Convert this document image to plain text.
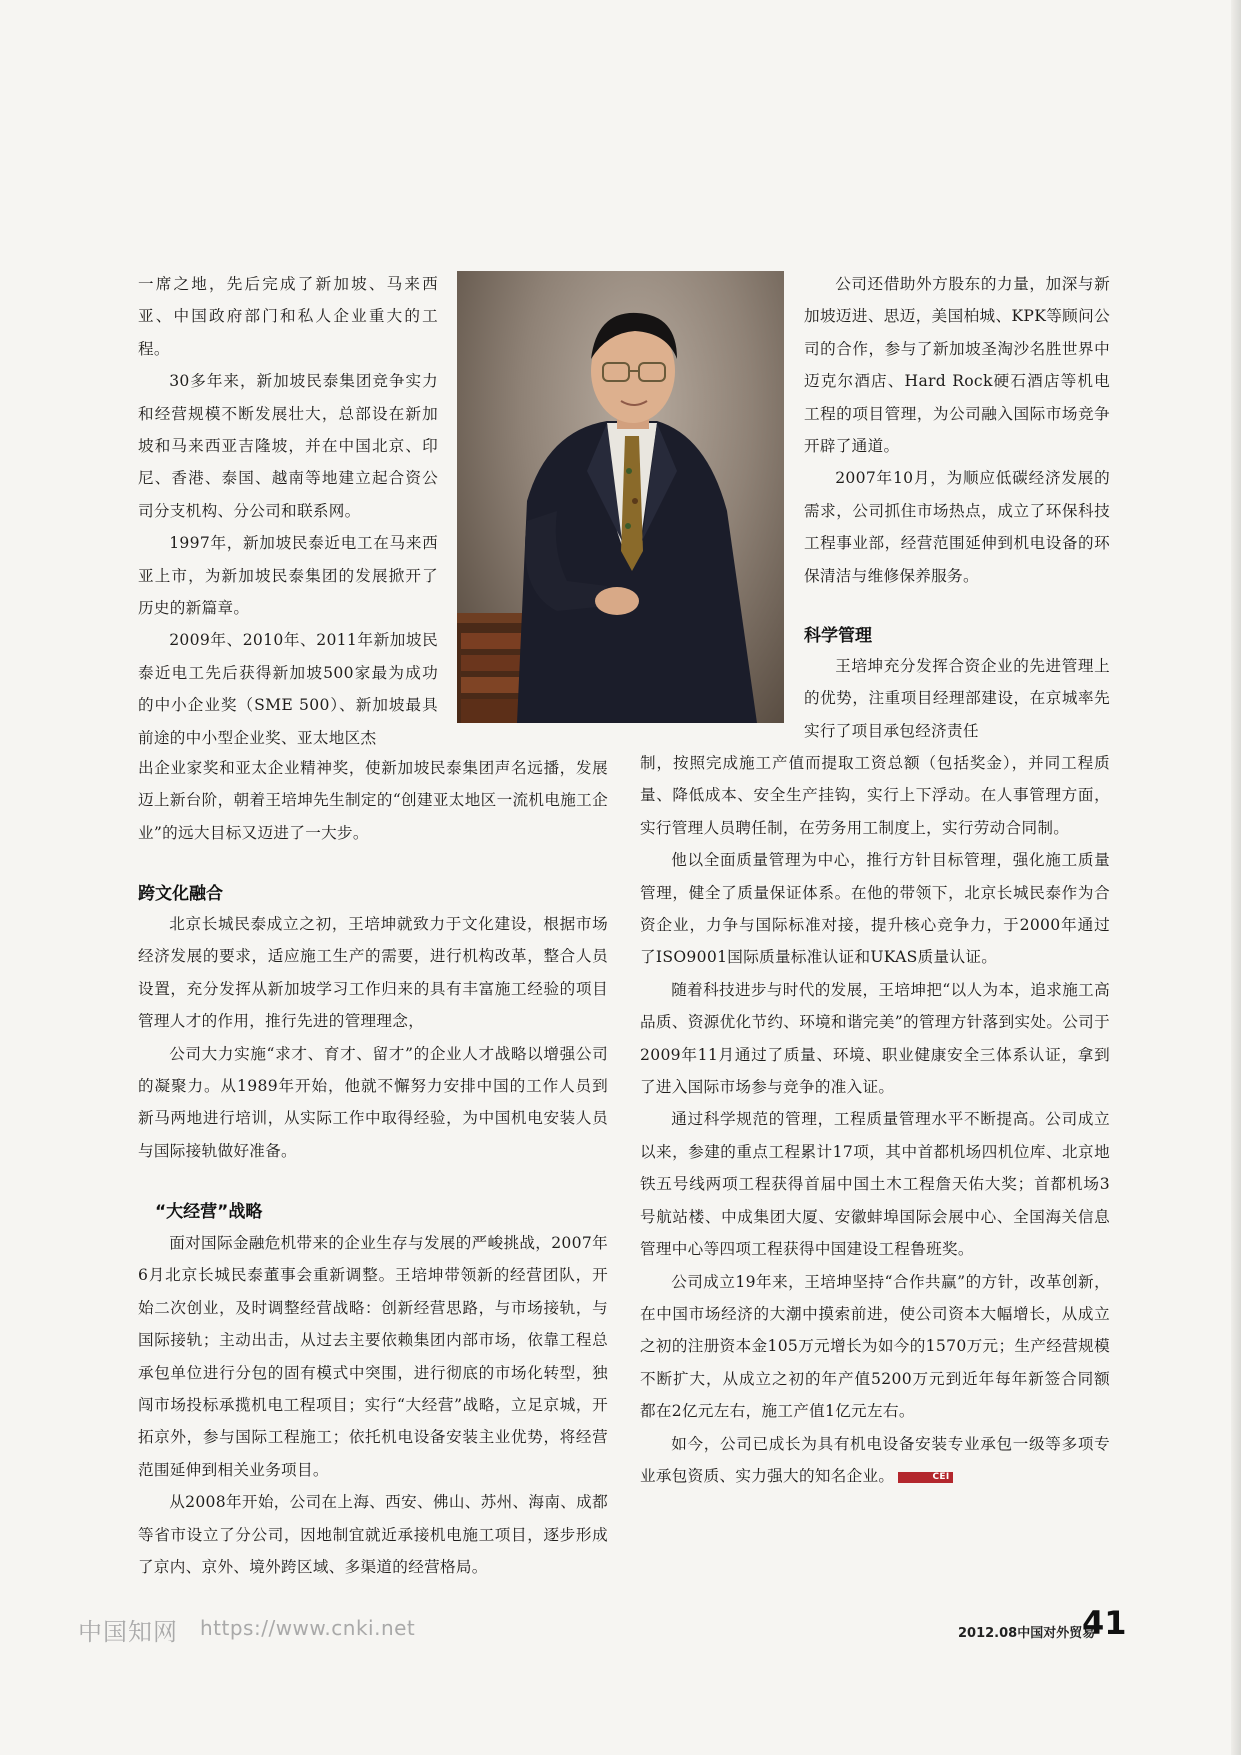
一席之地，先后完成了新加坡、马来西亚、中国政府部门和私人企业重大的工程。

30多年来，新加坡民泰集团竞争实力和经营规模不断发展壮大，总部设在新加坡和马来西亚吉隆坡，并在中国北京、印尼、香港、泰国、越南等地建立起合资公司分支机构、分公司和联系网。

1997年，新加坡民泰近电工在马来西亚上市，为新加坡民泰集团的发展掀开了历史的新篇章。

2009年、2010年、2011年新加坡民泰近电工先后获得新加坡500家最为成功的中小企业奖（SME 500）、新加坡最具前途的中小型企业奖、亚太地区杰

出企业家奖和亚太企业精神奖，使新加坡民泰集团声名远播，发展迈上新台阶，朝着王培坤先生制定的“创建亚太地区一流机电施工企业”的远大目标又迈进了一大步。

跨文化融合

北京长城民泰成立之初，王培坤就致力于文化建设，根据市场经济发展的要求，适应施工生产的需要，进行机构改革，整合人员设置，充分发挥从新加坡学习工作归来的具有丰富施工经验的项目管理人才的作用，推行先进的管理理念，

公司大力实施“求才、育才、留才”的企业人才战略以增强公司的凝聚力。从1989年开始，他就不懈努力安排中国的工作人员到新马两地进行培训，从实际工作中取得经验，为中国机电安装人员与国际接轨做好准备。

“大经营”战略

面对国际金融危机带来的企业生存与发展的严峻挑战，2007年6月北京长城民泰董事会重新调整。王培坤带领新的经营团队，开始二次创业，及时调整经营战略：创新经营思路，与市场接轨，与国际接轨；主动出击，从过去主要依赖集团内部市场，依靠工程总承包单位进行分包的固有模式中突围，进行彻底的市场化转型，独闯市场投标承揽机电工程项目；实行“大经营”战略，立足京城，开拓京外，参与国际工程施工；依托机电设备安装主业优势，将经营范围延伸到相关业务项目。

从2008年开始，公司在上海、西安、佛山、苏州、海南、成都等省市设立了分公司，因地制宜就近承接机电施工项目，逐步形成了京内、京外、境外跨区域、多渠道的经营格局。

公司还借助外方股东的力量，加深与新加坡迈进、思迈，美国柏城、KPK等顾问公司的合作，参与了新加坡圣淘沙名胜世界中迈克尔酒店、Hard Rock硬石酒店等机电工程的项目管理，为公司融入国际市场竞争开辟了通道。

2007年10月，为顺应低碳经济发展的需求，公司抓住市场热点，成立了环保科技工程事业部，经营范围延伸到机电设备的环保清洁与维修保养服务。

科学管理

王培坤充分发挥合资企业的先进管理上的优势，注重项目经理部建设，在京城率先实行了项目承包经济责任

制，按照完成施工产值而提取工资总额（包括奖金），并同工程质量、降低成本、安全生产挂钩，实行上下浮动。在人事管理方面，实行管理人员聘任制，在劳务用工制度上，实行劳动合同制。

他以全面质量管理为中心，推行方针目标管理，强化施工质量管理，健全了质量保证体系。在他的带领下，北京长城民泰作为合资企业，力争与国际标准对接，提升核心竞争力，于2000年通过了ISO9001国际质量标准认证和UKAS质量认证。

随着科技进步与时代的发展，王培坤把“以人为本，追求施工高品质、资源优化节约、环境和谐完美”的管理方针落到实处。公司于2009年11月通过了质量、环境、职业健康安全三体系认证，拿到了进入国际市场参与竞争的准入证。

通过科学规范的管理，工程质量管理水平不断提高。公司成立以来，参建的重点工程累计17项，其中首都机场四机位库、北京地铁五号线两项工程获得首届中国土木工程詹天佑大奖；首都机场3号航站楼、中成集团大厦、安徽蚌埠国际会展中心、全国海关信息管理中心等四项工程获得中国建设工程鲁班奖。

公司成立19年来，王培坤坚持“合作共赢”的方针，改革创新，在中国市场经济的大潮中摸索前进，使公司资本大幅增长，从成立之初的注册资本金105万元增长为如今的1570万元；生产经营规模不断扩大，从成立之初的年产值5200万元到近年每年新签合同额都在2亿元左右，施工产值1亿元左右。

如今，公司已成长为具有机电设备安装专业承包一级等多项专业承包资质、实力强大的知名企业。	CEI

中国知网 https://www.cnki.net	2012.08中国对外贸易
41
